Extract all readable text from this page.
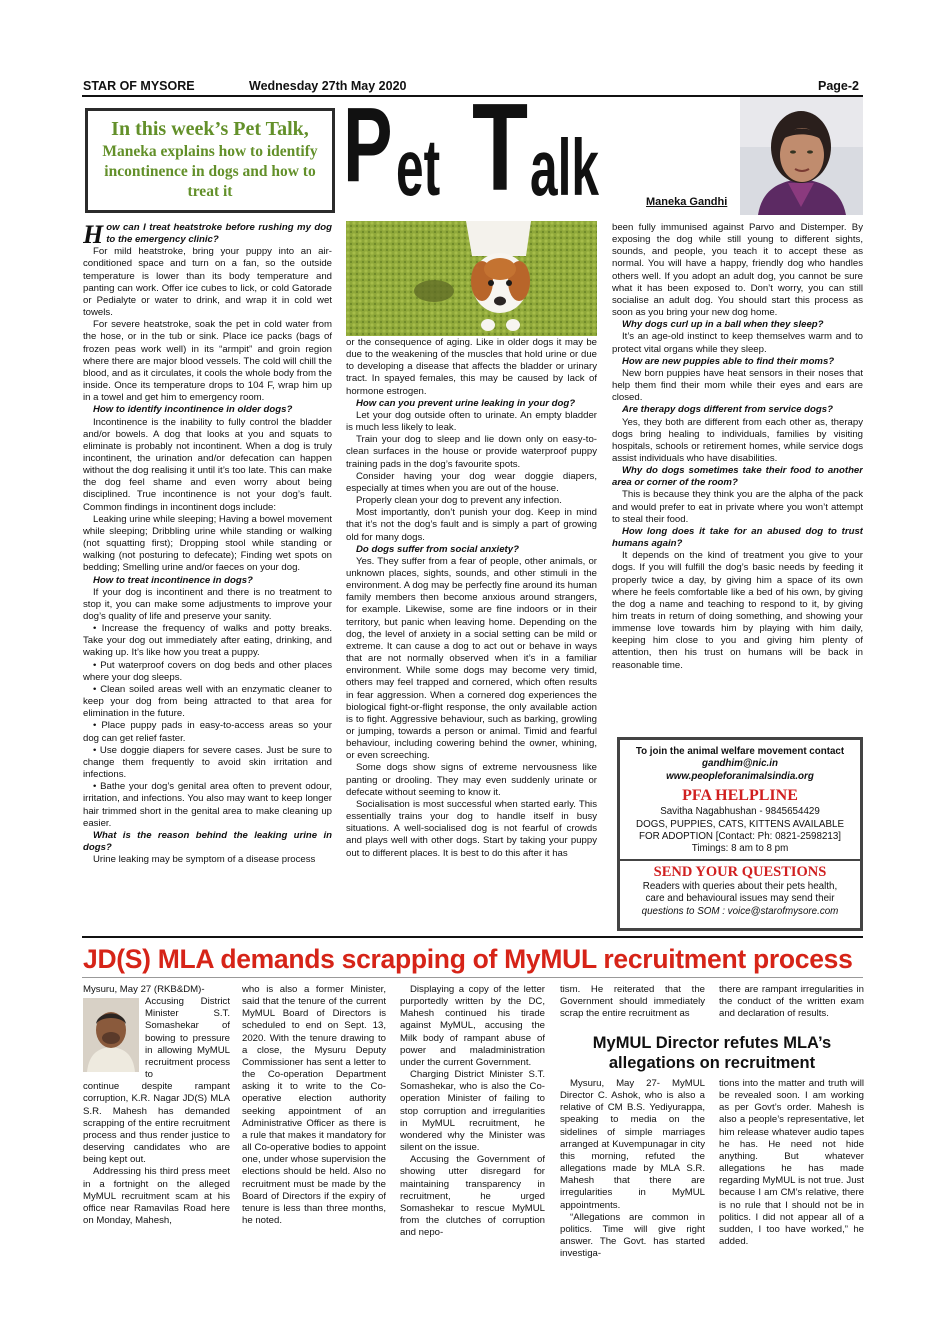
STAR OF MYSORE	Wednesday 27th May 2020	Page-2
In this week’s Pet Talk,
Maneka explains how to identify incontinence in dogs and how to treat it	P et T alk	Maneka Gandhi

How can I treat heatstroke before rushing my dog to the emergency clinic?

For mild heatstroke, bring your puppy into an air-conditioned space and turn on a fan, so the outside temperature is lower than its body temperature and panting can work. Offer ice cubes to lick, or cold Gatorade or Pedialyte or water to drink, and wrap it in cold wet towels.

For severe heatstroke, soak the pet in cold water from the hose, or in the tub or sink. Place ice packs (bags of frozen peas work well) in its “armpit” and groin region where there are major blood vessels. The cold will chill the blood, and as it circulates, it cools the whole body from the inside. Once its temperature drops to 104 F, wrap him up in a towel and get him to emergency room.

How to identify incontinence in older dogs?

Incontinence is the inability to fully control the bladder and/or bowels. A dog that looks at you and squats to eliminate is probably not incontinent. When a dog is truly incontinent, the urination and/or defecation can happen without the dog realising it until it’s too late. This can make the dog feel shame and even worry about being disciplined. True incontinence is not your dog’s fault. Common findings in incontinent dogs include:

Leaking urine while sleeping; Having a bowel movement while sleeping; Dribbling urine while standing or walking (not squatting first); Dropping stool while standing or walking (not posturing to defecate); Finding wet spots on bedding; Smelling urine and/or faeces on your dog.

How to treat incontinence in dogs?

If your dog is incontinent and there is no treatment to stop it, you can make some adjustments to improve your dog’s quality of life and preserve your sanity.

• Increase the frequency of walks and potty breaks. Take your dog out immediately after eating, drinking, and waking up. It’s like how you treat a puppy.

• Put waterproof covers on dog beds and other places where your dog sleeps.

• Clean soiled areas well with an enzymatic cleaner to keep your dog from being attracted to that area for elimination in the future.

• Place puppy pads in easy-to-access areas so your dog can get relief faster.

• Use doggie diapers for severe cases. Just be sure to change them frequently to avoid skin irritation and infections.

• Bathe your dog’s genital area often to prevent odour, irritation, and infections. You also may want to keep longer hair trimmed short in the genital area to make cleaning up easier.

What is the reason behind the leaking urine in dogs?

Urine leaking may be symptom of a disease process

or the consequence of aging. Like in older dogs it may be due to the weakening of the muscles that hold urine or due to developing a disease that affects the bladder or urinary tract. In spayed females, this may be caused by lack of hormone estrogen.

How can you prevent urine leaking in your dog?

Let your dog outside often to urinate. An empty bladder is much less likely to leak.

Train your dog to sleep and lie down only on easy-to-clean surfaces in the house or provide waterproof puppy training pads in the dog’s favourite spots.

Consider having your dog wear doggie diapers, especially at times when you are out of the house.

Properly clean your dog to prevent any infection.

Most importantly, don’t punish your dog. Keep in mind that it’s not the dog’s fault and is simply a part of growing old for many dogs.

Do dogs suffer from social anxiety?

Yes. They suffer from a fear of people, other animals, or unknown places, sights, sounds, and other stimuli in the environment. A dog may be perfectly fine around its human family members then become anxious around strangers, for example. Likewise, some are fine indoors or in their territory, but panic when leaving home. Depending on the dog, the level of anxiety in a social setting can be mild or extreme. It can cause a dog to act out or behave in ways that are not normally observed when it’s in a familiar environment. While some dogs may become very timid, others may feel trapped and cornered, which often results in fear aggression. When a cornered dog experiences the biological fight-or-flight response, the only available action is to fight. Aggressive behaviour, such as barking, growling or jumping, towards a person or animal. Timid and fearful behaviour, including cowering behind the owner, whining, or even screeching.

Some dogs show signs of extreme nervousness like panting or drooling. They may even suddenly urinate or defecate without seeming to know it.

Socialisation is most successful when started early. This essentially trains your dog to handle itself in busy situations. A well-socialised dog is not fearful of crowds and plays well with other dogs. Start by taking your puppy out to different places. It is best to do this after it has

been fully immunised against Parvo and Distemper. By exposing the dog while still young to different sights, sounds, and people, you teach it to accept these as normal. You will have a happy, friendly dog who handles others well. If you adopt an adult dog, you cannot be sure what it has been exposed to. Don’t worry, you can still socialise an adult dog. You should start this process as soon as you bring your new dog home.

Why dogs curl up in a ball when they sleep?

It’s an age-old instinct to keep themselves warm and to protect vital organs while they sleep.

How are new puppies able to find their moms?

New born puppies have heat sensors in their noses that help them find their mom while their eyes and ears are closed.

Are therapy dogs different from service dogs?

Yes, they both are different from each other as, therapy dogs bring healing to individuals, families by visiting hospitals, schools or retirement homes, while service dogs assist individuals who have disabilities.

Why do dogs sometimes take their food to another area or corner of the room?

This is because they think you are the alpha of the pack and would prefer to eat in private where you won’t attempt to steal their food.

How long does it take for an abused dog to trust humans again?

It depends on the kind of treatment you give to your dogs. If you will fulfill the dog’s basic needs by feeding it properly twice a day, by giving him a space of its own where he feels comfortable like a bed of his own, by giving the dog a name and teaching to respond to it, by giving him treats in return of doing something, and showing your immense love towards him by playing with him daily, keeping him close to you and giving him plenty of attention, then his trust on humans will be back in reasonable time.

To join the animal welfare movement contact
gandhim@nic.in
www.peopleforanimalsindia.org
PFA HELPLINE
Savitha Nagabhushan - 9845654429
DOGS, PUPPIES, CATS, KITTENS AVAILABLE
FOR ADOPTION [Contact: Ph: 0821-2598213]
Timings: 8 am to 8 pm
SEND YOUR QUESTIONS
Readers with queries about their pets health,
care and behavioural issues may send their
questions to SOM : voice@starofmysore.com
JD(S) MLA demands scrapping of MyMUL recruitment process

Mysuru, May 27 (RKB&DM)-

Accusing District Minister S.T. Somashekar of bowing to pressure in allowing MyMUL recruitment process to

continue despite rampant corruption, K.R. Nagar JD(S) MLA S.R. Mahesh has demanded scrapping of the entire recruitment process and thus render justice to deserving candidates who are being kept out.

Addressing his third press meet in a fortnight on the alleged MyMUL recruitment scam at his office near Ramavilas Road here on Monday, Mahesh,

who is also a former Minister, said that the tenure of the current MyMUL Board of Directors is scheduled to end on Sept. 13, 2020. With the tenure drawing to a close, the Mysuru Deputy Commissioner has sent a letter to the Co-operation Department asking it to write to the Co-operative election authority seeking appointment of an Administrative Officer as there is a rule that makes it mandatory for all Co-operative bodies to appoint one, under whose supervision the elections should be held. Also no recruitment must be made by the Board of Directors if the expiry of tenure is less than three months, he noted.

Displaying a copy of the letter purportedly written by the DC, Mahesh continued his tirade against MyMUL, accusing the Milk body of rampant abuse of power and maladministration under the current Government.

Charging District Minister S.T. Somashekar, who is also the Co-operation Minister of failing to stop corruption and irregularities in MyMUL recruitment, he wondered why the Minister was silent on the issue.

Accusing the Government of showing utter disregard for maintaining transparency in recruitment, he urged Somashekar to rescue MyMUL from the clutches of corruption and nepo-

tism. He reiterated that the Government should immediately scrap the entire recruitment as

there are rampant irregularities in the conduct of the written exam and declaration of results.

MyMUL Director refutes MLA’s allegations on recruitment

Mysuru, May 27- MyMUL Director C. Ashok, who is also a relative of CM B.S. Yediyurappa, speaking to media on the sidelines of simple marriages arranged at Kuvempunagar in city this morning, refuted the allegations made by MLA S.R. Mahesh that there are irregularities in MyMUL appointments.

“Allegations are common in politics. Time will give right answer. The Govt. has started investiga-

tions into the matter and truth will be revealed soon. I am working as per Govt’s order. Mahesh is also a people’s representative, let him release whatever audio tapes he has. He need not hide anything. But whatever allegations he has made regarding MyMUL is not true. Just because I am CM’s relative, there is no rule that I should not be in politics. I did not appear all of a sudden, I too have worked,” he added.
